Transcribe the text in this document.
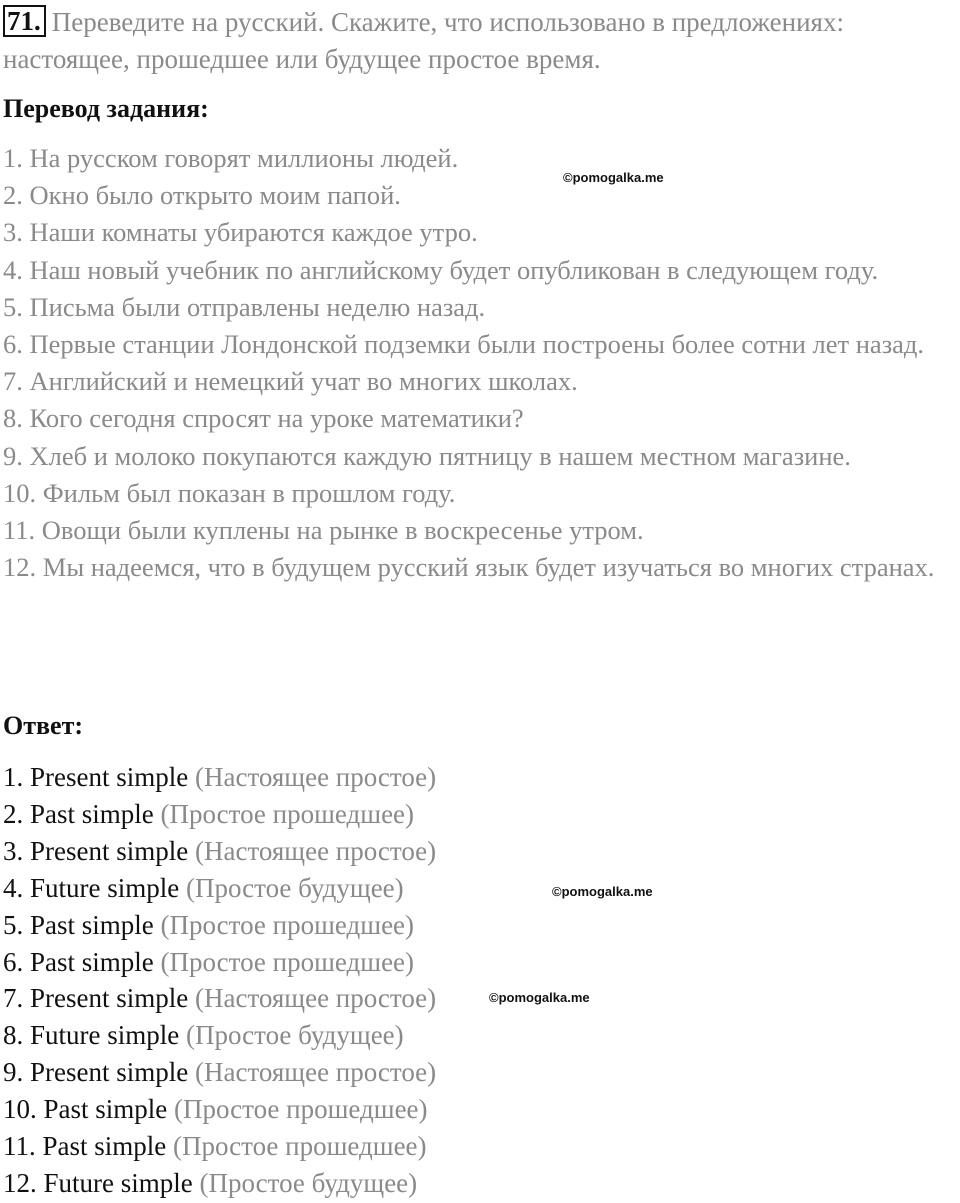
71. Переведите на русский. Скажите, что использовано в предложениях: настоящее, прошедшее или будущее простое время.
Перевод задания:
1. На русском говорят миллионы людей.
2. Окно было открыто моим папой.
3. Наши комнаты убираются каждое утро.
4. Наш новый учебник по английскому будет опубликован в следующем году.
5. Письма были отправлены неделю назад.
6. Первые станции Лондонской подземки были построены более сотни лет назад.
7. Английский и немецкий учат во многих школах.
8. Кого сегодня спросят на уроке математики?
9. Хлеб и молоко покупаются каждую пятницу в нашем местном магазине.
10. Фильм был показан в прошлом году.
11. Овощи были куплены на рынке в воскресенье утром.
12. Мы надеемся, что в будущем русский язык будет изучаться во многих странах.
Ответ:
1. Present simple (Настоящее простое)
2. Past simple (Простое прошедшее)
3. Present simple (Настоящее простое)
4. Future simple (Простое будущее)
5. Past simple (Простое прошедшее)
6. Past simple (Простое прошедшее)
7. Present simple (Настоящее простое)
8. Future simple (Простое будущее)
9. Present simple (Настоящее простое)
10. Past simple (Простое прошедшее)
11. Past simple (Простое прошедшее)
12. Future simple (Простое будущее)
©pomogalka.me
©pomogalka.me
©pomogalka.me
